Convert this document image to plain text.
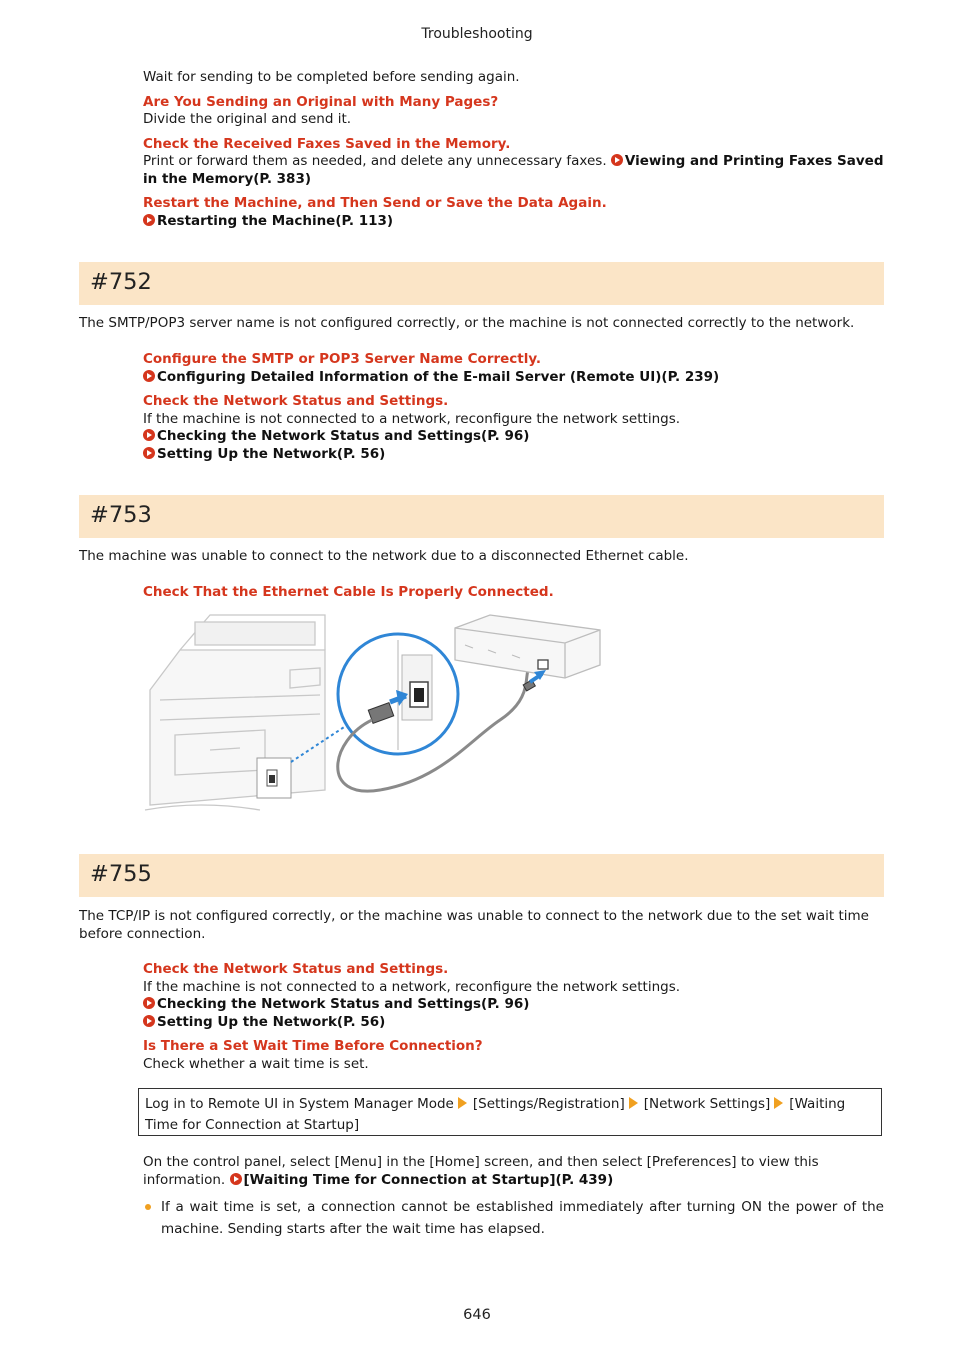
Troubleshooting
Wait for sending to be completed before sending again.
Are You Sending an Original with Many Pages?
Divide the original and send it.
Check the Received Faxes Saved in the Memory.
Print or forward them as needed, and delete any unnecessary faxes. Viewing and Printing Faxes Saved in the Memory(P. 383)
Restart the Machine, and Then Send or Save the Data Again.
Restarting the Machine(P. 113)
#752
The SMTP/POP3 server name is not configured correctly, or the machine is not connected correctly to the network.
Configure the SMTP or POP3 Server Name Correctly.
Configuring Detailed Information of the E-mail Server (Remote UI)(P. 239)
Check the Network Status and Settings.
If the machine is not connected to a network, reconfigure the network settings.
Checking the Network Status and Settings(P. 96)
Setting Up the Network(P. 56)
#753
The machine was unable to connect to the network due to a disconnected Ethernet cable.
Check That the Ethernet Cable Is Properly Connected.
#755
The TCP/IP is not configured correctly, or the machine was unable to connect to the network due to the set wait time before connection.
Check the Network Status and Settings.
If the machine is not connected to a network, reconfigure the network settings.
Checking the Network Status and Settings(P. 96)
Setting Up the Network(P. 56)
Is There a Set Wait Time Before Connection?
Check whether a wait time is set.
Log in to Remote UI in System Manager Mode [Settings/Registration] [Network Settings] [Waiting Time for Connection at Startup]
On the control panel, select [Menu] in the [Home] screen, and then select [Preferences] to view this information. [Waiting Time for Connection at Startup](P. 439)
If a wait time is set, a connection cannot be established immediately after turning ON the power of the machine. Sending starts after the wait time has elapsed.
646
